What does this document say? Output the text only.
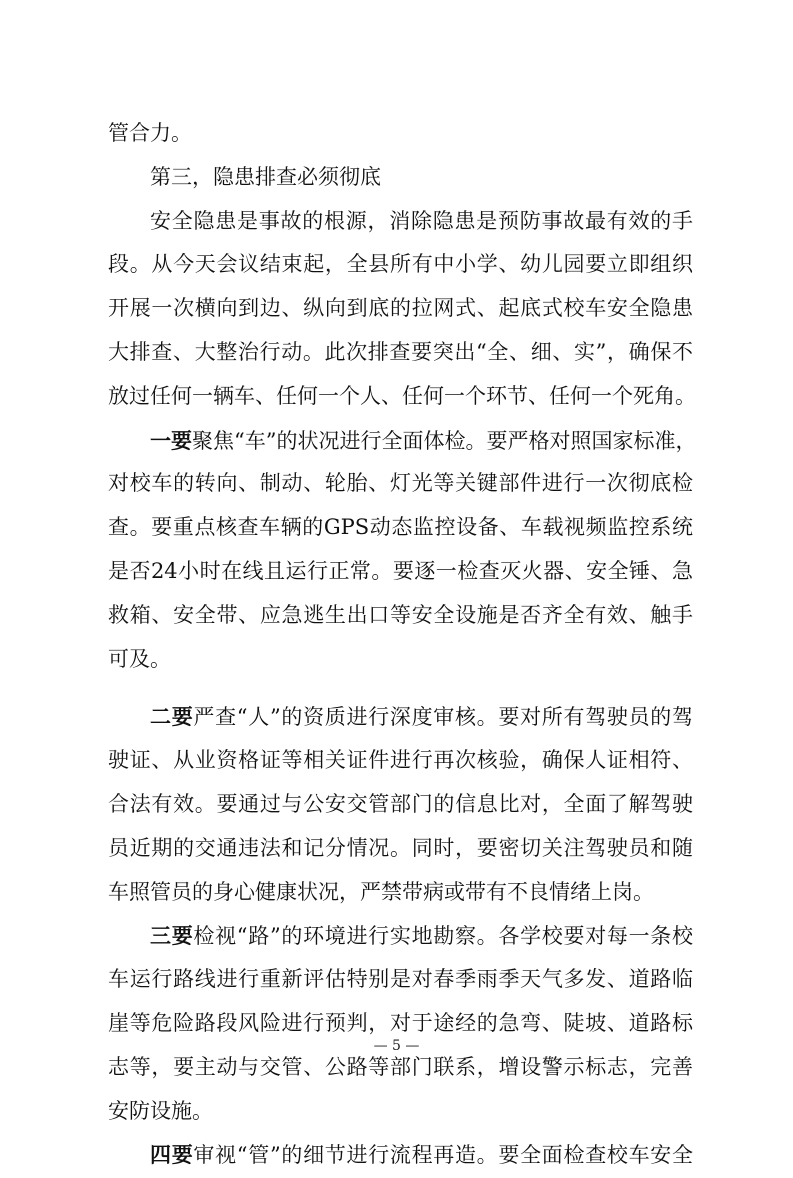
管合力。
第三，隐患排查必须彻底
安全隐患是事故的根源，消除隐患是预防事故最有效的手
段。从今天会议结束起，全县所有中小学、幼儿园要立即组织
开展一次横向到边、纵向到底的拉网式、起底式校车安全隐患
大排查、大整治行动。此次排查要突出“全、细、实”，确保不
放过任何一辆车、任何一个人、任何一个环节、任何一个死角。
一要聚焦“车”的状况进行全面体检。要严格对照国家标准，
对校车的转向、制动、轮胎、灯光等关键部件进行一次彻底检
查。要重点核查车辆的GPS动态监控设备、车载视频监控系统
是否24小时在线且运行正常。要逐一检查灭火器、安全锤、急
救箱、安全带、应急逃生出口等安全设施是否齐全有效、触手
可及。
二要严查“人”的资质进行深度审核。要对所有驾驶员的驾
驶证、从业资格证等相关证件进行再次核验，确保人证相符、
合法有效。要通过与公安交管部门的信息比对，全面了解驾驶
员近期的交通违法和记分情况。同时，要密切关注驾驶员和随
车照管员的身心健康状况，严禁带病或带有不良情绪上岗。
三要检视“路”的环境进行实地勘察。各学校要对每一条校
车运行路线进行重新评估特别是对春季雨季天气多发、道路临
崖等危险路段风险进行预判，对于途经的急弯、陡坡、道路标
志等，要主动与交管、公路等部门联系，增设警示标志，完善
安防设施。
四要审视“管”的细节进行流程再造。要全面检查校车安全
— 5 —
